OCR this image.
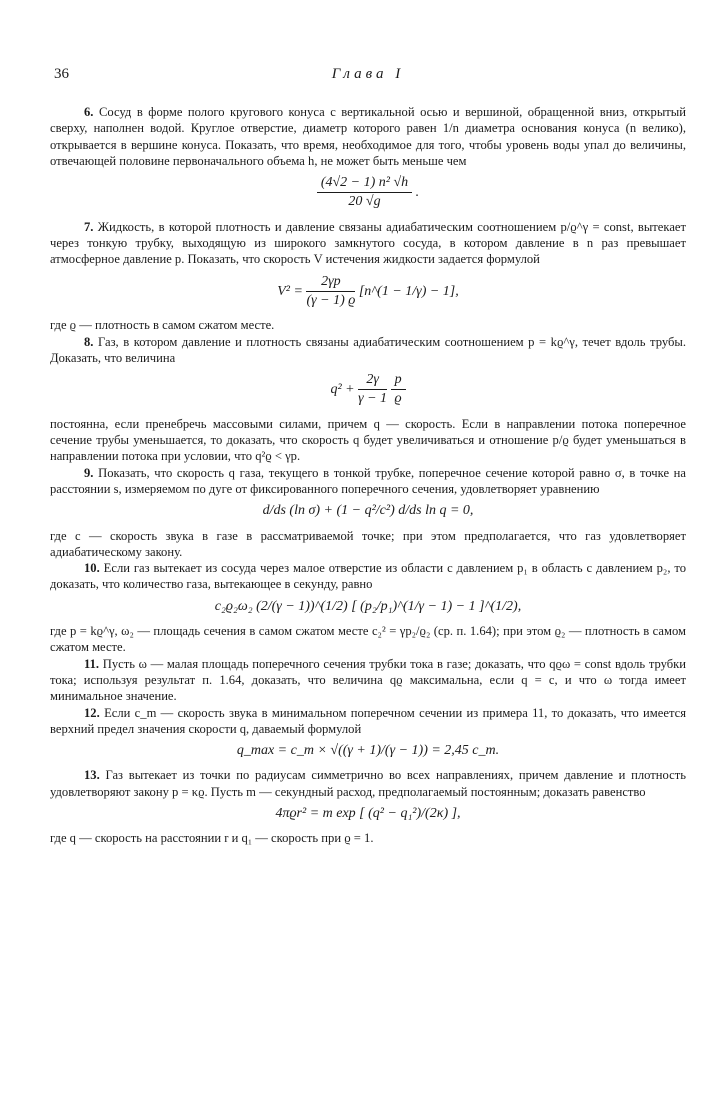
36	Глава I

6. Сосуд в форме полого кругового конуса с вертикальной осью и вершиной, обращенной вниз, открытый сверху, наполнен водой. Круглое отверстие, диаметр которого равен 1/n диаметра основания конуса (n велико), открывается в вершине конуса. Показать, что время, необходимое для того, чтобы уровень воды упал до величины, отвечающей половине первоначального объема h, не может быть меньше чем

$\frac{\text{(4√2 − 1) n² √h}}{20 √g}$ .

7. Жидкость, в которой плотность и давление связаны адиабатическим соотношением p/ϱ^γ = const, вытекает через тонкую трубку, выходящую из широкого замкнутого сосуда, в котором давление в n раз превышает атмосферное давление p. Показать, что скорость V истечения жидкости задается формулой

$V^2 = \frac{2\gamma p}{(\gamma - 1) ϱ}$ [n^(1 − 1/γ) − 1],

где ϱ — плотность в самом сжатом месте.

8. Газ, в котором давление и плотность связаны адиабатическим соотношением p = kϱ^γ, течет вдоль трубы. Доказать, что величина

$q^2 + \frac{2\gamma}{\gamma - 1}$
$\frac{p}{ϱ}$

постоянна, если пренебречь массовыми силами, причем q — скорость. Если в направлении потока поперечное сечение трубы уменьшается, то доказать, что скорость q будет увеличиваться и отношение p/ϱ будет уменьшаться в направлении потока при условии, что q²ϱ < γp.

9. Показать, что скорость q газа, текущего в тонкой трубке, поперечное сечение которой равно σ, в точке на расстоянии s, измеряемом по дуге от фиксированного поперечного сечения, удовлетворяет уравнению

d/ds (ln σ) + (1 − q²/c²) d/ds ln q = 0,

где c — скорость звука в газе в рассматриваемой точке; при этом предполагается, что газ удовлетворяет адиабатическому закону.

10. Если газ вытекает из сосуда через малое отверстие из области с давлением p₁ в область с давлением p₂, то доказать, что количество газа, вытекающее в секунду, равно

c₂ϱ₂ω₂ (2/(γ − 1))^(1/2) [ (p₂/p₁)^(1/γ − 1) − 1 ]^(1/2),

где p = kϱ^γ, ω₂ — площадь сечения в самом сжатом месте c₂² = γp₂/ϱ₂ (ср. п. 1.64); при этом ϱ₂ — плотность в самом сжатом месте.

11. Пусть ω — малая площадь поперечного сечения трубки тока в газе; доказать, что qϱω = const вдоль трубки тока; используя результат п. 1.64, доказать, что величина qϱ максимальна, если q = c, и что ω тогда имеет минимальное значение.

12. Если c_m — скорость звука в минимальном поперечном сечении из примера 11, то доказать, что имеется верхний предел значения скорости q, даваемый формулой

q_max = c_m × √((γ + 1)/(γ − 1)) = 2,45 c_m.

13. Газ вытекает из точки по радиусам симметрично во всех направлениях, причем давление и плотность удовлетворяют закону p = κϱ. Пусть m — секундный расход, предполагаемый постоянным; доказать равенство

4πϱr² = m exp [ (q² − q₁²)/(2κ) ],

где q — скорость на расстоянии r и q₁ — скорость при ϱ = 1.
